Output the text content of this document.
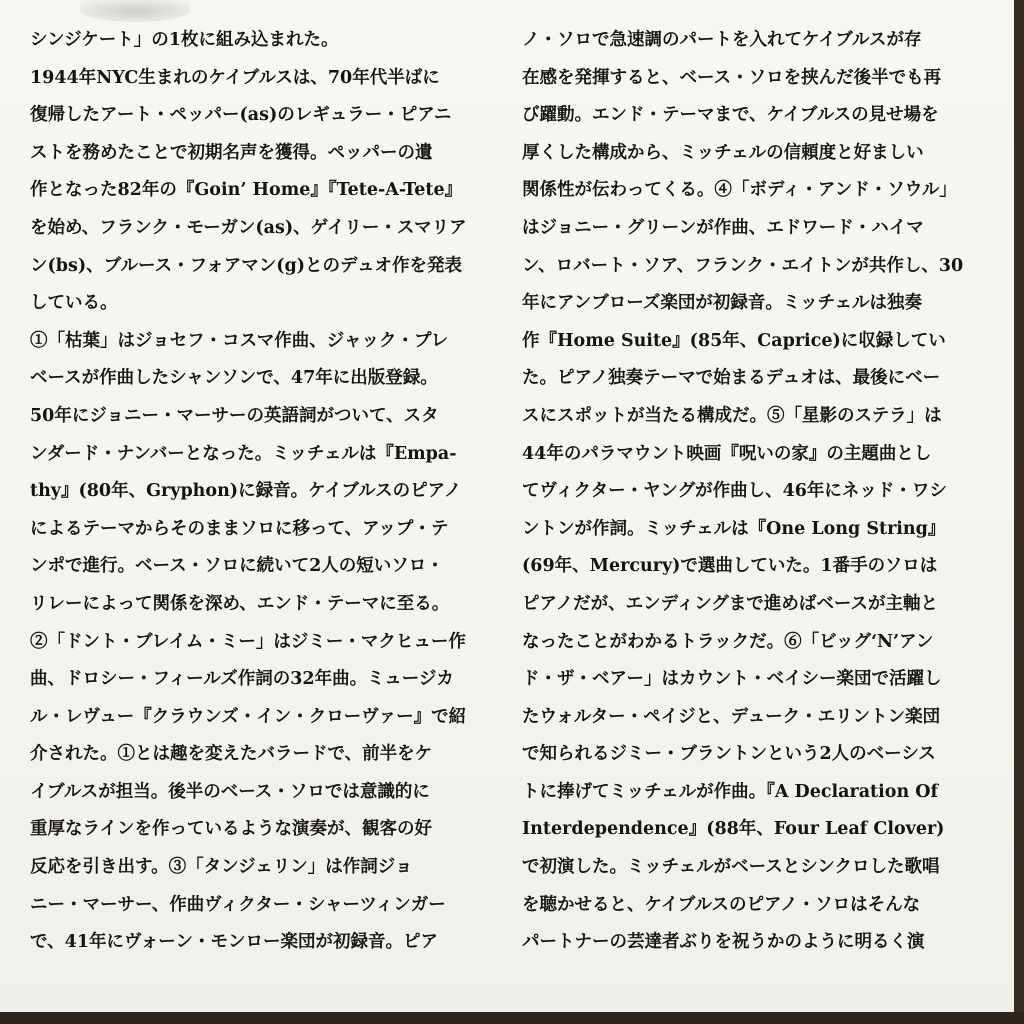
シンジケート」の1枚に組み込まれた。
1944年NYC生まれのケイブルスは、70年代半ばに
復帰したアート・ペッパー(as)のレギュラー・ピアニ
ストを務めたことで初期名声を獲得。ペッパーの遺
作となった82年の『Goin’ Home』『Tete-A-Tete』
を始め、フランク・モーガン(as)、ゲイリー・スマリア
ン(bs)、ブルース・フォアマン(g)とのデュオ作を発表
している。
①「枯葉」はジョセフ・コスマ作曲、ジャック・プレ
ベースが作曲したシャンソンで、47年に出版登録。
50年にジョニー・マーサーの英語詞がついて、スタ
ンダード・ナンバーとなった。ミッチェルは『Empa-
thy』(80年、Gryphon)に録音。ケイブルスのピアノ
によるテーマからそのままソロに移って、アップ・テ
ンポで進行。ベース・ソロに続いて2人の短いソロ・
リレーによって関係を深め、エンド・テーマに至る。
②「ドント・ブレイム・ミー」はジミー・マクヒュー作
曲、ドロシー・フィールズ作詞の32年曲。ミュージカ
ル・レヴュー『クラウンズ・イン・クローヴァー』で紹
介された。①とは趣を変えたバラードで、前半をケ
イブルスが担当。後半のベース・ソロでは意識的に
重厚なラインを作っているような演奏が、観客の好
反応を引き出す。③「タンジェリン」は作詞ジョ
ニー・マーサー、作曲ヴィクター・シャーツィンガー
で、41年にヴォーン・モンロー楽団が初録音。ピア
ノ・ソロで急速調のパートを入れてケイブルスが存
在感を発揮すると、ベース・ソロを挟んだ後半でも再
び躍動。エンド・テーマまで、ケイブルスの見せ場を
厚くした構成から、ミッチェルの信頼度と好ましい
関係性が伝わってくる。④「ボディ・アンド・ソウル」
はジョニー・グリーンが作曲、エドワード・ハイマ
ン、ロバート・ソア、フランク・エイトンが共作し、30
年にアンブローズ楽団が初録音。ミッチェルは独奏
作『Home Suite』(85年、Caprice)に収録してい
た。ピアノ独奏テーマで始まるデュオは、最後にベー
スにスポットが当たる構成だ。⑤「星影のステラ」は
44年のパラマウント映画『呪いの家』の主題曲とし
てヴィクター・ヤングが作曲し、46年にネッド・ワシ
ントンが作詞。ミッチェルは『One Long String』
(69年、Mercury)で選曲していた。1番手のソロは
ピアノだが、エンディングまで進めばベースが主軸と
なったことがわかるトラックだ。⑥「ビッグ‘N’アン
ド・ザ・ベアー」はカウント・ベイシー楽団で活躍し
たウォルター・ペイジと、デューク・エリントン楽団
で知られるジミー・ブラントンという2人のベーシス
トに捧げてミッチェルが作曲。『A Declaration Of
Interdependence』(88年、Four Leaf Clover)
で初演した。ミッチェルがベースとシンクロした歌唱
を聴かせると、ケイブルスのピアノ・ソロはそんな
パートナーの芸達者ぶりを祝うかのように明るく演
